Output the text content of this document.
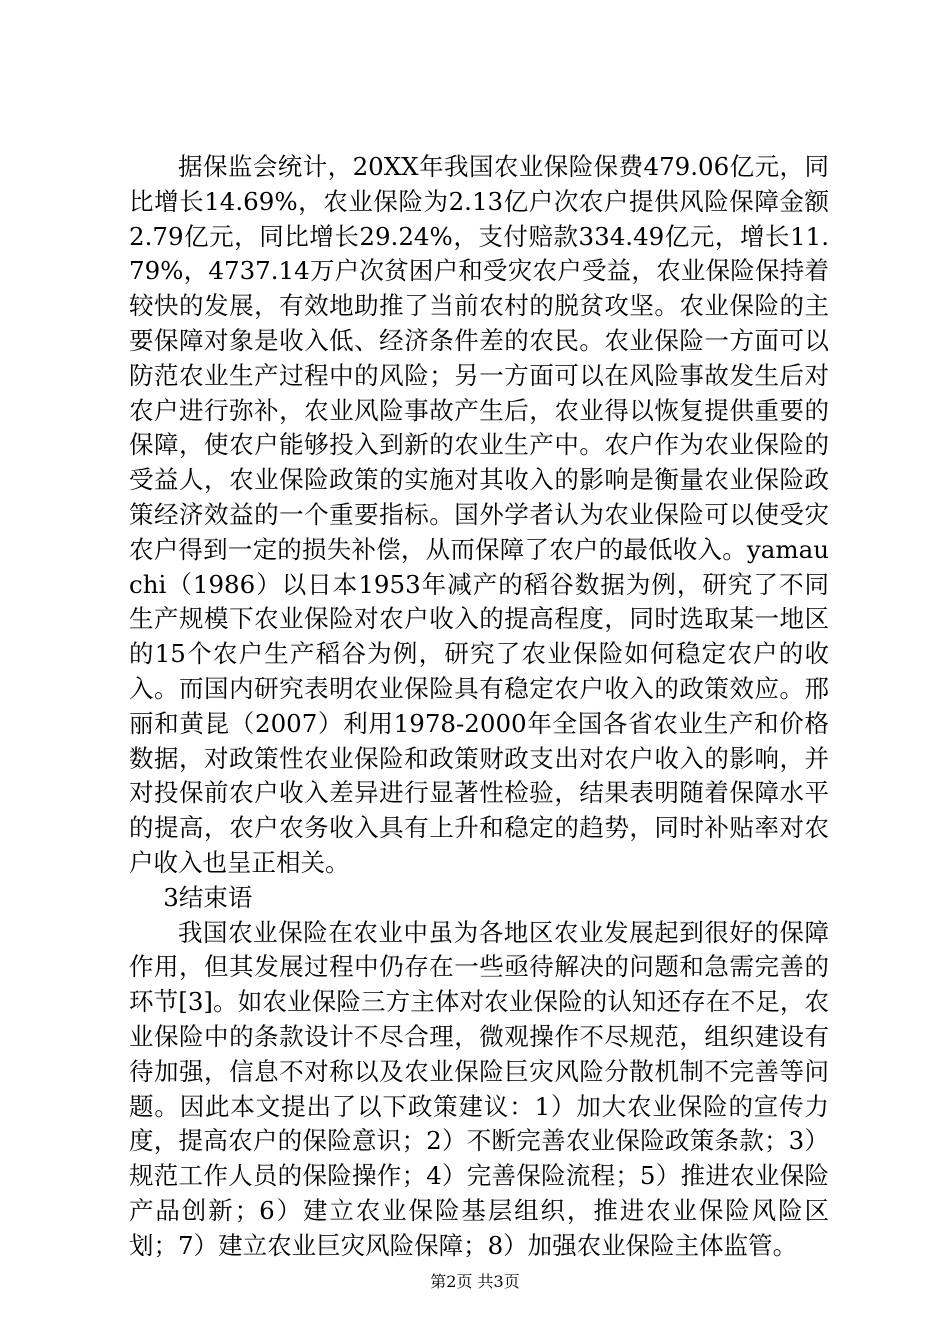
据保监会统计，20XX年我国农业保险保费479.06亿元，同比增长14.69%，农业保险为2.13亿户次农户提供风险保障金额2.79亿元，同比增长29.24%，支付赔款334.49亿元，增长11.79%，4737.14万户次贫困户和受灾农户受益，农业保险保持着较快的发展，有效地助推了当前农村的脱贫攻坚。农业保险的主要保障对象是收入低、经济条件差的农民。农业保险一方面可以防范农业生产过程中的风险；另一方面可以在风险事故发生后对农户进行弥补，农业风险事故产生后，农业得以恢复提供重要的保障，使农户能够投入到新的农业生产中。农户作为农业保险的受益人，农业保险政策的实施对其收入的影响是衡量农业保险政策经济效益的一个重要指标。国外学者认为农业保险可以使受灾农户得到一定的损失补偿，从而保障了农户的最低收入。yamauchi（1986）以日本1953年减产的稻谷数据为例，研究了不同生产规模下农业保险对农户收入的提高程度，同时选取某一地区的15个农户生产稻谷为例，研究了农业保险如何稳定农户的收入。而国内研究表明农业保险具有稳定农户收入的政策效应。邢丽和黄昆（2007）利用1978-2000年全国各省农业生产和价格数据，对政策性农业保险和政策财政支出对农户收入的影响，并对投保前农户收入差异进行显著性检验，结果表明随着保障水平的提高，农户农务收入具有上升和稳定的趋势，同时补贴率对农户收入也呈正相关。

3结束语

我国农业保险在农业中虽为各地区农业发展起到很好的保障作用，但其发展过程中仍存在一些亟待解决的问题和急需完善的环节[3]。如农业保险三方主体对农业保险的认知还存在不足，农业保险中的条款设计不尽合理，微观操作不尽规范，组织建设有待加强，信息不对称以及农业保险巨灾风险分散机制不完善等问题。因此本文提出了以下政策建议：1）加大农业保险的宣传力度，提高农户的保险意识；2）不断完善农业保险政策条款；3）规范工作人员的保险操作；4）完善保险流程；5）推进农业保险产品创新；6）建立农业保险基层组织，推进农业保险风险区划；7）建立农业巨灾风险保障；8）加强农业保险主体监管。

第2页 共3页
